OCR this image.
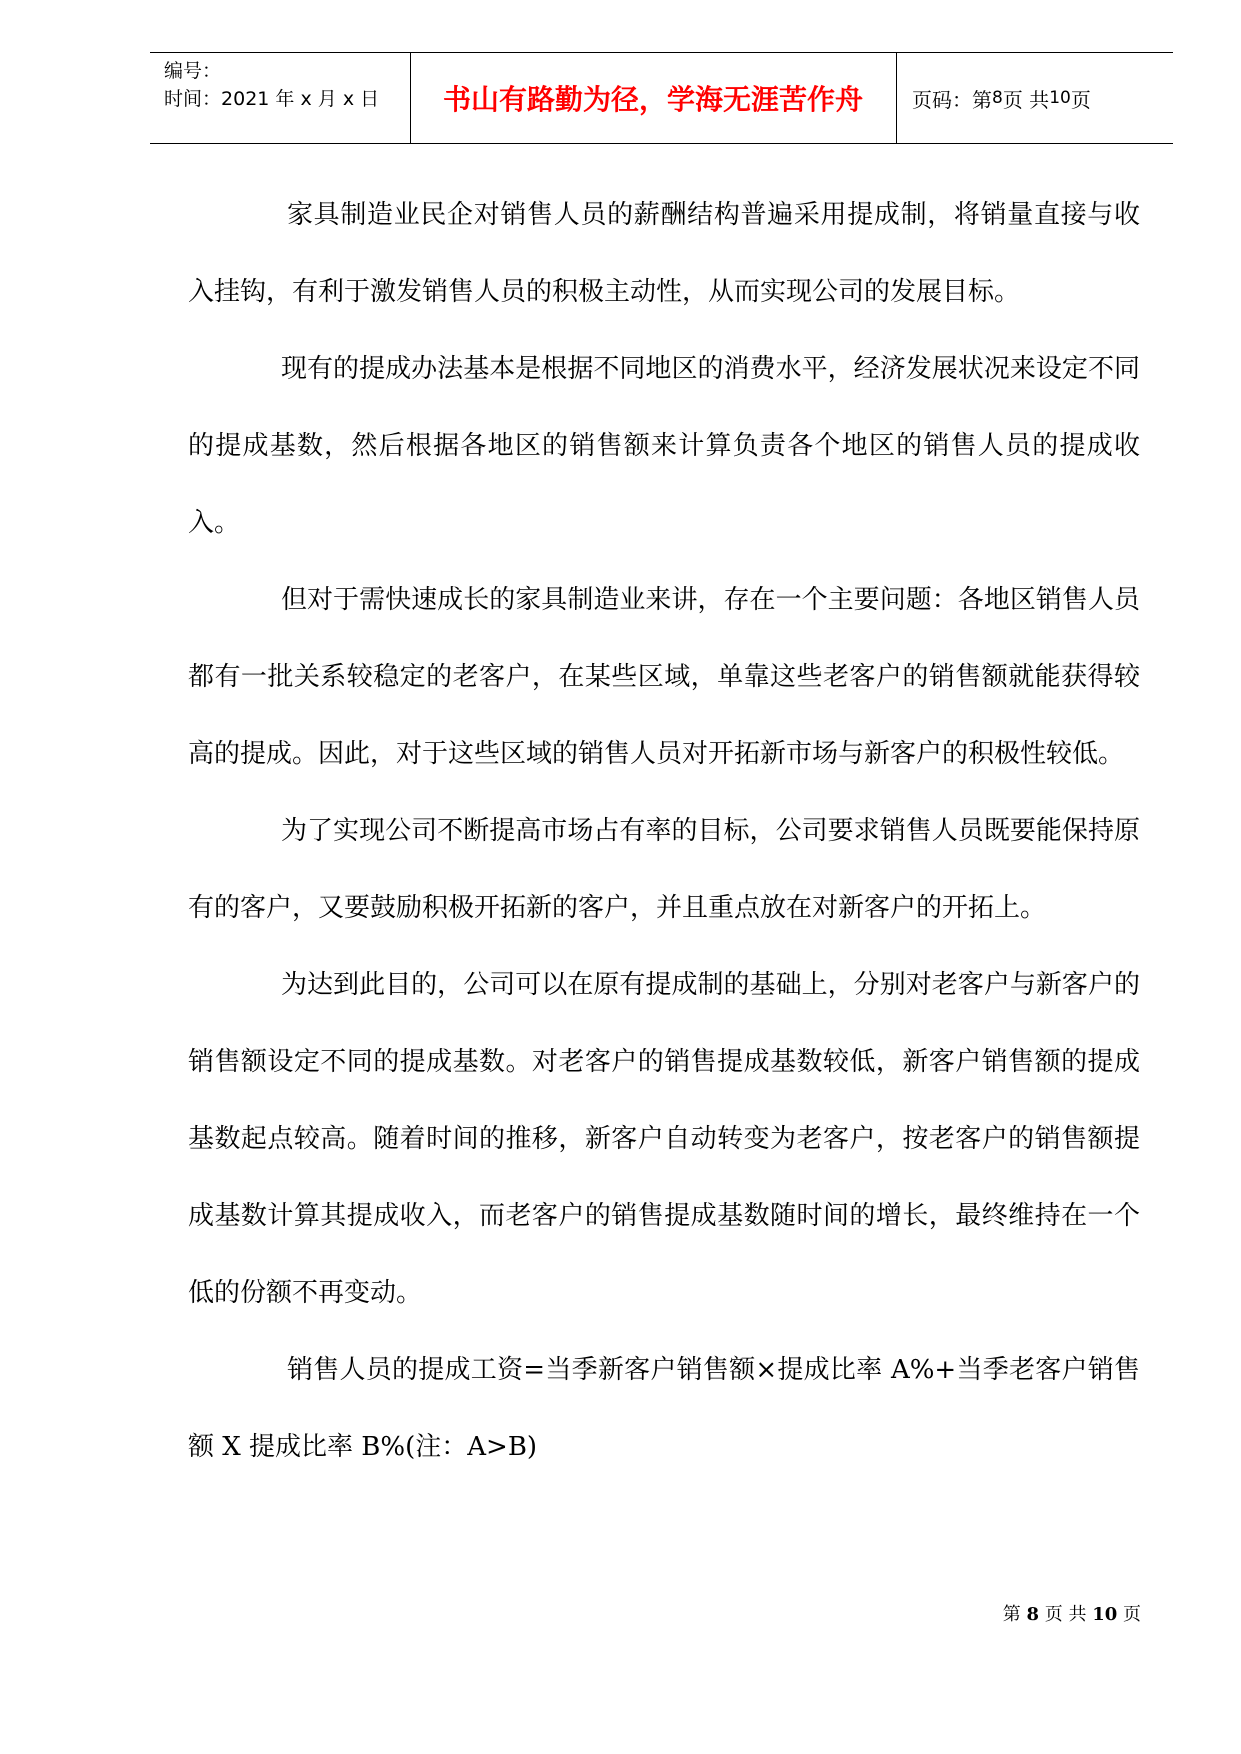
编号：
时间：2021 年 x 月 x 日	书山有路勤为径，学海无涯苦作舟	页码：第 8 页 共 10 页

家具制造业民企对销售人员的薪酬结构普遍采用提成制，将销量直接与收入挂钩，有利于激发销售人员的积极主动性，从而实现公司的发展目标。

现有的提成办法基本是根据不同地区的消费水平，经济发展状况来设定不同的提成基数，然后根据各地区的销售额来计算负责各个地区的销售人员的提成收入。

但对于需快速成长的家具制造业来讲，存在一个主要问题：各地区销售人员都有一批关系较稳定的老客户，在某些区域，单靠这些老客户的销售额就能获得较高的提成。因此，对于这些区域的销售人员对开拓新市场与新客户的积极性较低。

为了实现公司不断提高市场占有率的目标，公司要求销售人员既要能保持原有的客户，又要鼓励积极开拓新的客户，并且重点放在对新客户的开拓上。

为达到此目的，公司可以在原有提成制的基础上，分别对老客户与新客户的销售额设定不同的提成基数。对老客户的销售提成基数较低，新客户销售额的提成基数起点较高。随着时间的推移，新客户自动转变为老客户，按老客户的销售额提成基数计算其提成收入，而老客户的销售提成基数随时间的增长，最终维持在一个低的份额不再变动。

销售人员的提成工资=当季新客户销售额×提成比率 A%+当季老客户销售额 X 提成比率 B%(注：A>B)

第 8 页 共 10 页
